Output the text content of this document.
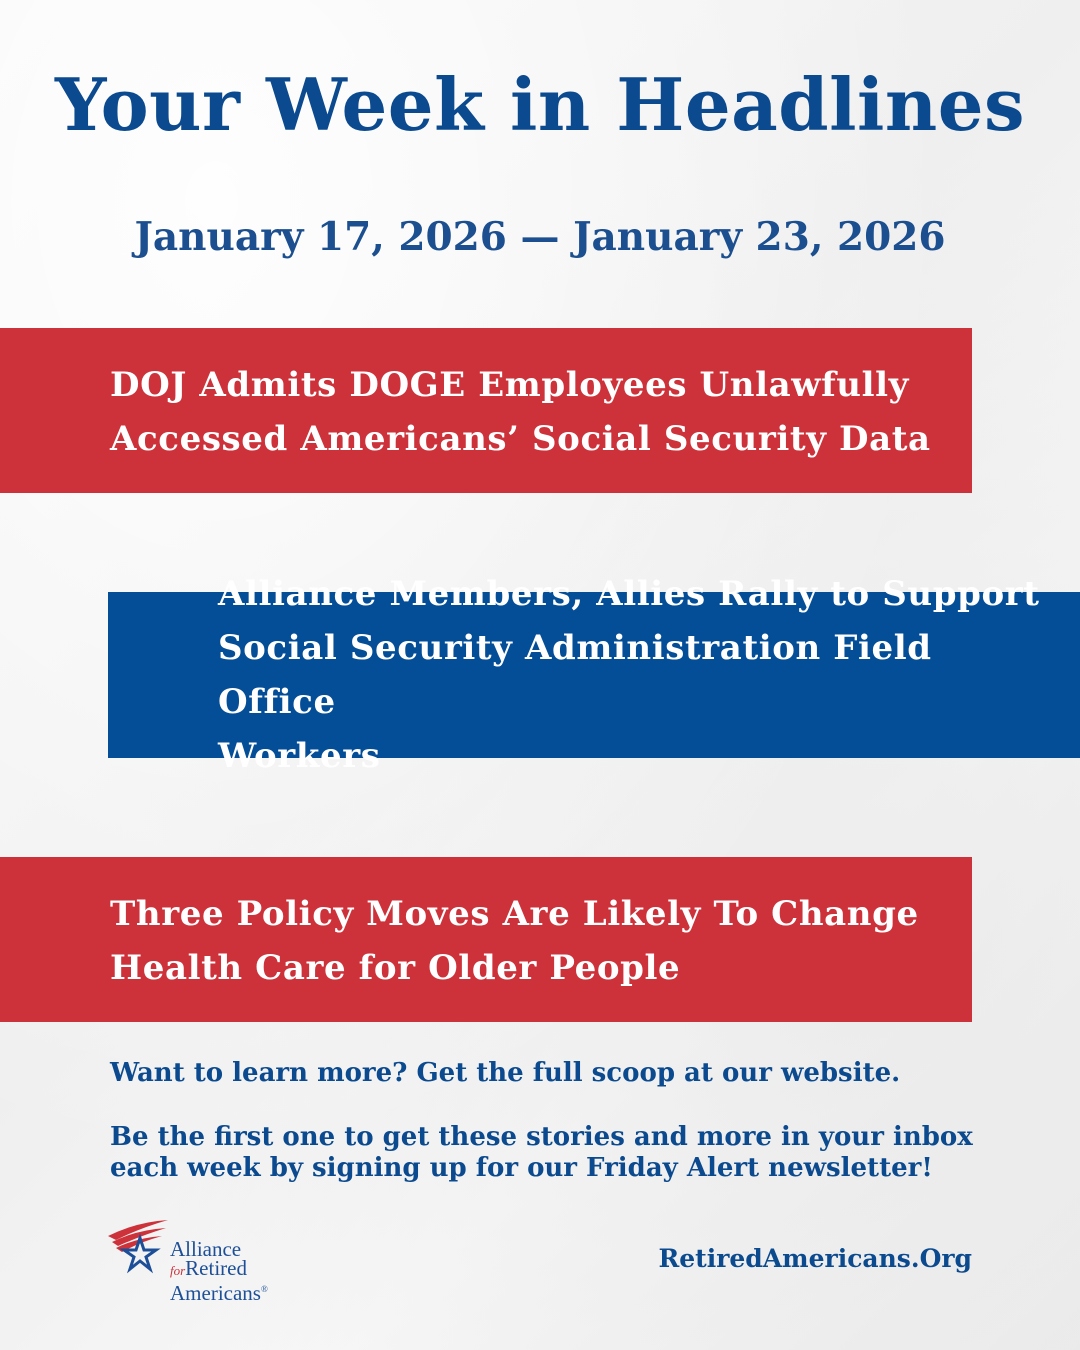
Your Week in Headlines
January 17, 2026 — January 23, 2026
DOJ Admits DOGE Employees Unlawfully
Accessed Americans’ Social Security Data
Alliance Members, Allies Rally to Support
Social Security Administration Field Office
Workers
Three Policy Moves Are Likely To Change
Health Care for Older People
Want to learn more? Get the full scoop at our website.
Be the first one to get these stories and more in your inbox
each week by signing up for our Friday Alert newsletter!
Alliance
forRetired
Americans®
RetiredAmericans.Org
